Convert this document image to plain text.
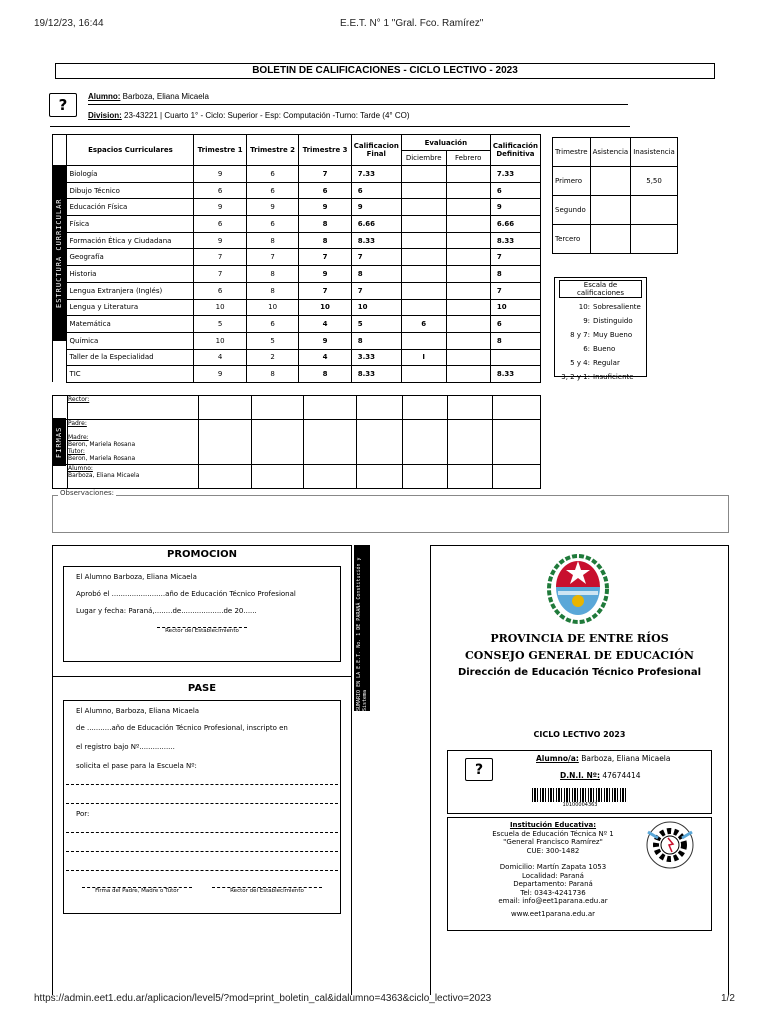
19/12/23, 16:44	E.E.T. N° 1 "Gral. Fco. Ramírez"
BOLETIN DE CALIFICACIONES - CICLO LECTIVO - 2023
?	Alumno: Barboza, Eliana Micaela
Division: 23-43221 | Cuarto 1° - Ciclo: Superior - Esp: Computación -Turno: Tarde (4° CO)
ESTRUCTURA CURRICULAR
	Espacios Curriculares	Trimestre 1	Trimestre 2	Trimestre 3	Calificacion Final	Evaluación		Calificación Definitiva
						Diciembre	Febrero	
	Biología	9	6	7	7.33			7.33
	Dibujo Técnico	6	6	6	6			6
	Educación Física	9	9	9	9			9
	Física	6	6	8	6.66			6.66
	Formación Ética y Ciudadana	9	8	8	8.33			8.33
	Geografía	7	7	7	7			7
	Historia	7	8	9	8			8
	Lengua Extranjera (Inglés)	6	8	7	7			7
	Lengua y Literatura	10	10	10	10			10
	Matemática	5	6	4	5	6		6
	Química	10	5	9	8			8
	Taller de la Especialidad	4	2	4	3.33	I		
	TIC	9	8	8	8.33			8.33
Trimestre	Asistencia	Inasistencia
Primero		5,50
Segundo		
Tercero		
Escala de calificaciones
10: Sobresaliente
9: Distinguido
8 y 7: Muy Bueno
6: Bueno
5 y 4: Regular
3, 2 y 1: Insuficiente
FIRMAS
	Rector:							

	Padre:
Madre:
Beron, Mariela Rosana
Tutor:
Beron, Mariela Rosana							

	Alumno:
Barboza, Eliana Micaela							

Observaciones:
PROMOCION

El Alumno Barboza, Eliana Micaela

Aprobó el ........................año de Educación Técnico Profesional

Lugar y fecha: Paraná,........de...................de 20......

Rector del Establecimiento	SUMARIO EN LA E.E.T. No. 1 DE PARANÁ Constitución y Sistema
PASE

El Alumno, Barboza, Eliana Micaela

de ...........año de Educación Técnico Profesional, inscripto en

el registro bajo Nº................

solicita el pase para la Escuela Nº:

Por:

Firma del Padre, Madre o Tutor	Rector del Establecimiento
PROVINCIA DE ENTRE RÍOS
CONSEJO GENERAL DE EDUCACIÓN
Dirección de Educación Técnico Profesional
CICLO LECTIVO 2023
?
Alumno/a: Barboza, Eliana Micaela
D.N.I. Nº: 47674414
10100004363
Institución Educativa:
Escuela de Educación Técnica Nº 1
"General Francisco Ramírez"
CUE: 300-1482
Domicilio: Martín Zapata 1053
Localidad: Paraná
Departamento: Paraná
Tel: 0343-4241736
email: info@eet1parana.edu.ar
www.eet1parana.edu.ar
https://admin.eet1.edu.ar/aplicacion/level5/?mod=print_boletin_cal&idalumno=4363&ciclo_lectivo=2023	1/2
